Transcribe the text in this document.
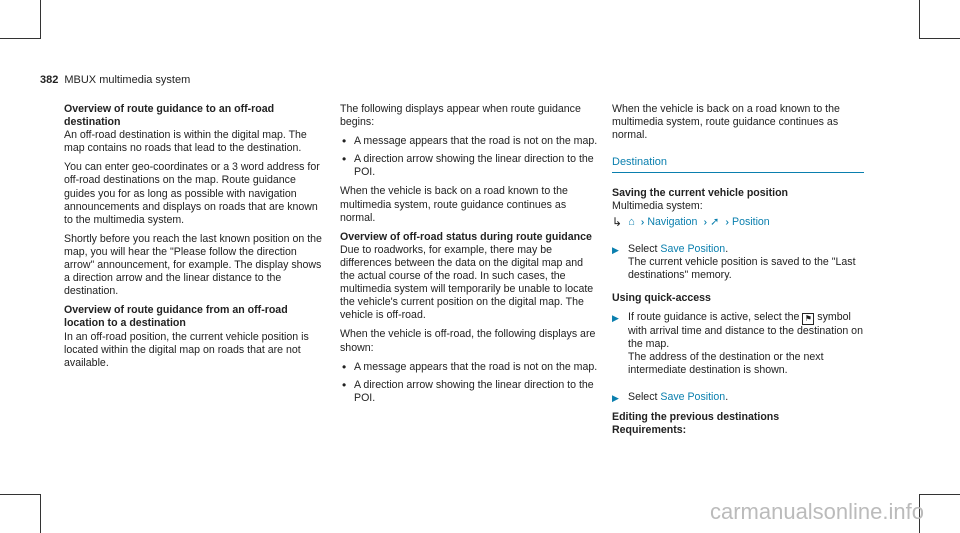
382 MBUX multimedia system

Overview of route guidance to an off-road destination

An off-road destination is within the digital map. The map contains no roads that lead to the destination.

You can enter geo-coordinates or a 3 word address for off-road destinations on the map. Route guidance guides you for as long as possible with navigation announcements and displays on roads that are known to the multimedia system.

Shortly before you reach the last known position on the map, you will hear the "Please follow the direction arrow" announcement, for example. The display shows a direction arrow and the linear distance to the destination.

Overview of route guidance from an off-road location to a destination

In an off-road position, the current vehicle position is located within the digital map on roads that are not available.

The following displays appear when route guidance begins:

• A message appears that the road is not on the map.
• A direction arrow showing the linear direction to the POI.

When the vehicle is back on a road known to the multimedia system, route guidance continues as normal.

Overview of off-road status during route guidance

Due to roadworks, for example, there may be differences between the data on the digital map and the actual course of the road. In such cases, the multimedia system will temporarily be unable to locate the vehicle's current position on the digital map. The vehicle is off-road.

When the vehicle is off-road, the following displays are shown:

• A message appears that the road is not on the map.
• A direction arrow showing the linear direction to the POI.

When the vehicle is back on a road known to the multimedia system, route guidance continues as normal.

Destination

Saving the current vehicle position

Multimedia system:

↳ ⌂ ›› Navigation ›› ➚ ›› Position
▶ Select Save Position.
The current vehicle position is saved to the "Last destinations" memory.

Using quick-access

▶ If route guidance is active, select the ⚑ symbol with arrival time and distance to the destination on the map.
The address of the destination or the next intermediate destination is shown.
▶ Select Save Position.

Editing the previous destinations

Requirements:

carmanualsonline.info
